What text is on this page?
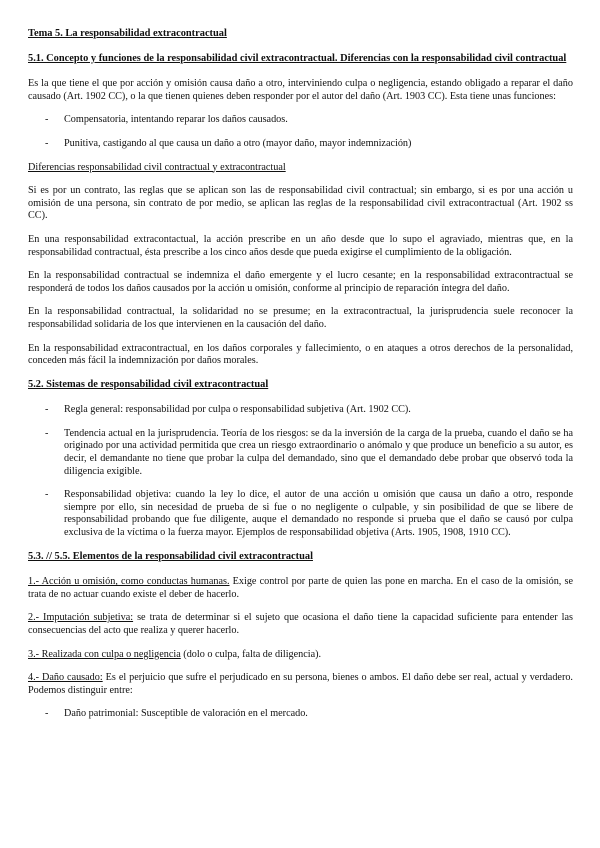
Tema 5. La responsabilidad extracontractual
5.1. Concepto y funciones de la responsabilidad civil extracontractual. Diferencias con la responsabilidad civil contractual

Es la que tiene el que por acción y omisión causa daño a otro, interviniendo culpa o negligencia, estando obligado a reparar el daño causado (Art. 1902 CC), o la que tienen quienes deben responder por el autor del daño (Art. 1903 CC). Esta tiene unas funciones:

- Compensatoria, intentando reparar los daños causados.
- Punitiva, castigando al que causa un daño a otro (mayor daño, mayor indemnización)
Diferencias responsabilidad civil contractual y extracontractual

Si es por un contrato, las reglas que se aplican son las de responsabilidad civil contractual; sin embargo, si es por una acción u omisión de una persona, sin contrato de por medio, se aplican las reglas de la responsabilidad civil extracontractual (Art. 1902 ss CC).

En una responsabilidad extracontactual, la acción prescribe en un año desde que lo supo el agraviado, mientras que, en la responsabilidad contractual, ésta prescribe a los cinco años desde que pueda exigirse el cumplimiento de la obligación.

En la responsabilidad contractual se indemniza el daño emergente y el lucro cesante; en la responsabilidad extracontractual se responderá de todos los daños causados por la acción u omisión, conforme al principio de reparación íntegra del daño.

En la responsabilidad contractual, la solidaridad no se presume; en la extracontractual, la jurisprudencia suele reconocer la responsabilidad solidaria de los que intervienen en la causación del daño.

En la responsabilidad extracontractual, en los daños corporales y fallecimiento, o en ataques a otros derechos de la personalidad, conceden más fácil la indemnización por daños morales.

5.2. Sistemas de responsabilidad civil extracontractual
- Regla general: responsabilidad por culpa o responsabilidad subjetiva (Art. 1902 CC).
- Tendencia actual en la jurisprudencia. Teoría de los riesgos: se da la inversión de la carga de la prueba, cuando el daño se ha originado por una actividad permitida que crea un riesgo extraordinario o anómalo y que produce un beneficio a su autor, es decir, el demandante no tiene que probar la culpa del demandado, sino que el demandado debe probar que observó toda la diligencia exigible.
- Responsabilidad objetiva: cuando la ley lo dice, el autor de una acción u omisión que causa un daño a otro, responde siempre por ello, sin necesidad de prueba de si fue o no negligente o culpable, y sin posibilidad de que se libere de responsabilidad probando que fue diligente, auque el demandado no responde si prueba que el daño se causó por culpa exclusiva de la víctima o la fuerza mayor. Ejemplos de responsabilidad objetiva (Arts. 1905, 1908, 1910 CC).
5.3. // 5.5. Elementos de la responsabilidad civil extracontractual

1.- Acción u omisión, como conductas humanas. Exige control por parte de quien las pone en marcha. En el caso de la omisión, se trata de no actuar cuando existe el deber de hacerlo.

2.- Imputación subjetiva: se trata de determinar si el sujeto que ocasiona el daño tiene la capacidad suficiente para entender las consecuencias del acto que realiza y querer hacerlo.

3.- Realizada con culpa o negligencia (dolo o culpa, falta de diligencia).

4.- Daño causado: Es el perjuicio que sufre el perjudicado en su persona, bienes o ambos. El daño debe ser real, actual y verdadero. Podemos distinguir entre:

- Daño patrimonial: Susceptible de valoración en el mercado.
